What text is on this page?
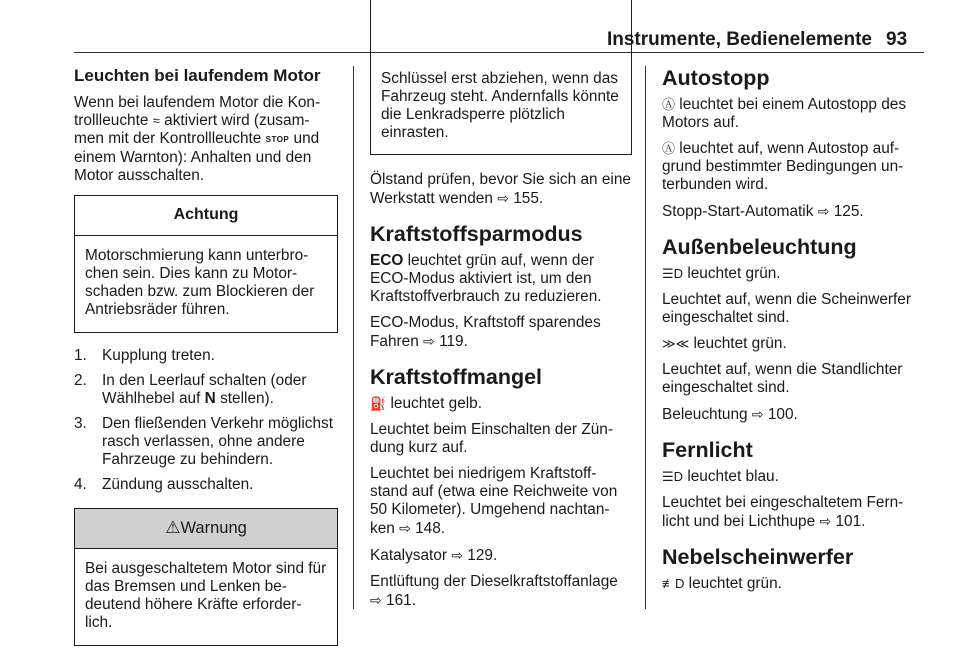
Instrumente, Bedienelemente 93
Leuchten bei laufendem Motor

Wenn bei laufendem Motor die Kon-trollleuchte ≈ aktiviert wird (zusam-men mit der Kontrollleuchte STOP und einem Warnton): Anhalten und den Motor ausschalten.

Achtung
Motorschmierung kann unterbro-chen sein. Dies kann zu Motor-schaden bzw. zum Blockieren der Antriebsräder führen.
1. Kupplung treten.
2. In den Leerlauf schalten (oder Wählhebel auf N stellen).
3. Den fließenden Verkehr möglichst rasch verlassen, ohne andere Fahrzeuge zu behindern.
4. Zündung ausschalten.
⚠Warnung
Bei ausgeschaltetem Motor sind für das Bremsen und Lenken be-deutend höhere Kräfte erforder-lich.
Schlüssel erst abziehen, wenn das Fahrzeug steht. Andernfalls könnte die Lenkradsperre plötzlich einrasten.

Ölstand prüfen, bevor Sie sich an eine Werkstatt wenden ⇨ 155.

Kraftstoffsparmodus

ECO leuchtet grün auf, wenn der ECO-Modus aktiviert ist, um den Kraftstoffverbrauch zu reduzieren.

ECO-Modus, Kraftstoff sparendes Fahren ⇨ 119.

Kraftstoffmangel

⛽ leuchtet gelb.

Leuchtet beim Einschalten der Zün-dung kurz auf.

Leuchtet bei niedrigem Kraftstoff-stand auf (etwa eine Reichweite von 50 Kilometer). Umgehend nachtan-ken ⇨ 148.

Katalysator ⇨ 129.

Entlüftung der Dieselkraftstoffanlage ⇨ 161.

Autostopp

Ⓐ leuchtet bei einem Autostopp des Motors auf.

Ⓐ leuchtet auf, wenn Autostop auf-grund bestimmter Bedingungen un-terbunden wird.

Stopp-Start-Automatik ⇨ 125.

Außenbeleuchtung

☰D leuchtet grün.

Leuchtet auf, wenn die Scheinwerfer eingeschaltet sind.

≫≪ leuchtet grün.

Leuchtet auf, wenn die Standlichter eingeschaltet sind.

Beleuchtung ⇨ 100.

Fernlicht

☰D leuchtet blau.

Leuchtet bei eingeschaltetem Fern-licht und bei Lichthupe ⇨ 101.

Nebelscheinwerfer

≢D leuchtet grün.
